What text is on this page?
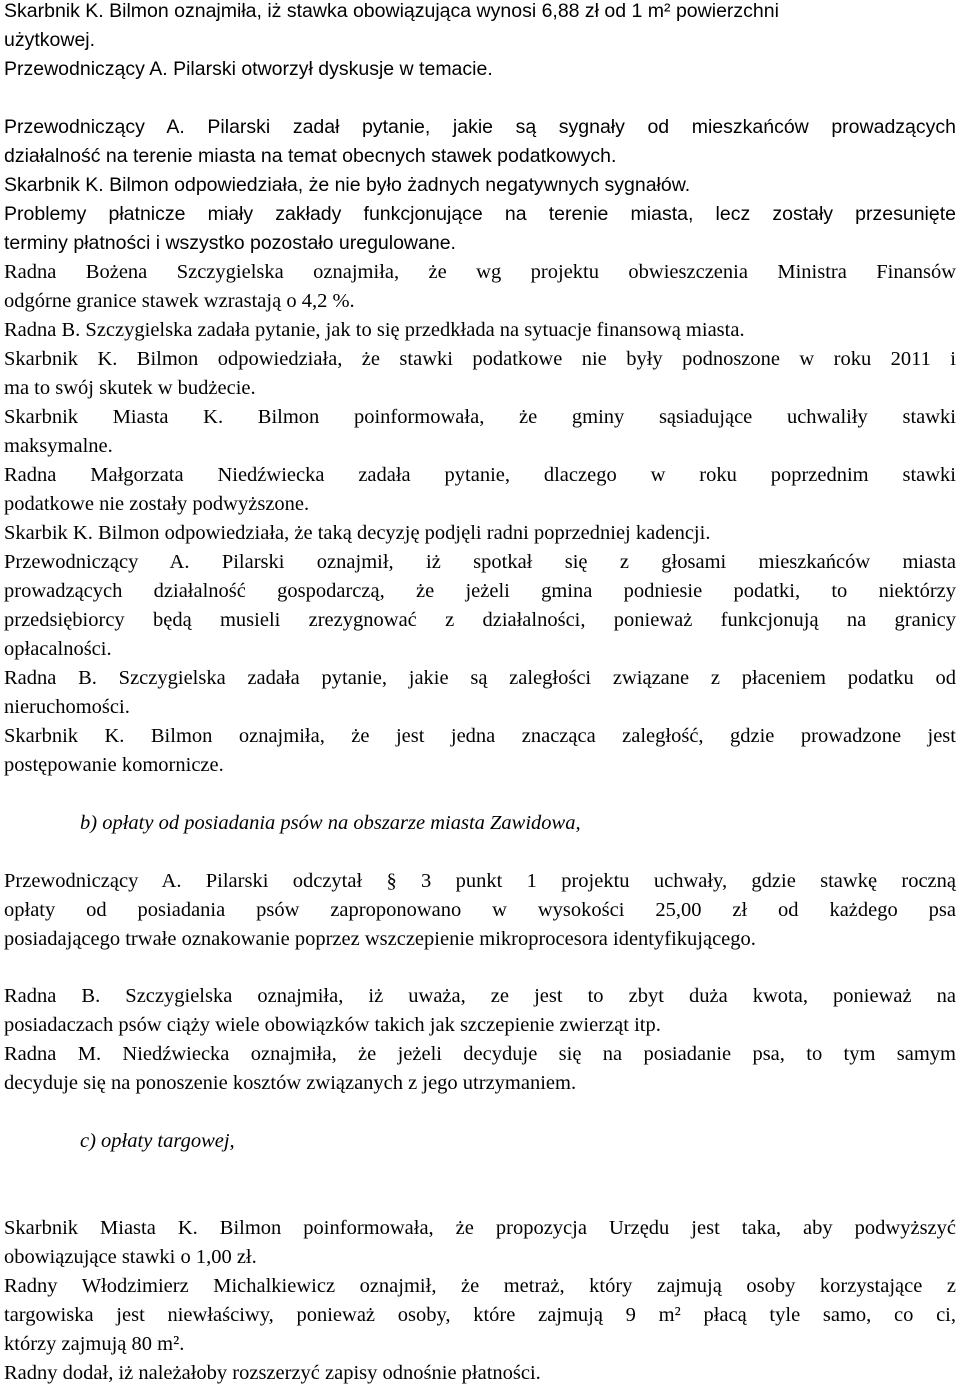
Skarbnik K. Bilmon oznajmiła, iż stawka obowiązująca wynosi 6,88 zł od 1 m² powierzchni
użytkowej.
Przewodniczący A. Pilarski otworzył dyskusje w temacie.
Przewodniczący A. Pilarski zadał pytanie, jakie są sygnały od mieszkańców prowadzących
działalność na terenie miasta na temat obecnych stawek podatkowych.
Skarbnik K. Bilmon odpowiedziała, że nie było żadnych negatywnych sygnałów.
Problemy płatnicze miały zakłady funkcjonujące na terenie miasta, lecz zostały przesunięte
terminy płatności i wszystko pozostało uregulowane.
Radna Bożena Szczygielska oznajmiła, że wg projektu obwieszczenia Ministra Finansów
odgórne granice stawek wzrastają o 4,2 %.
Radna B. Szczygielska zadała pytanie, jak to się przedkłada na sytuacje finansową miasta.
Skarbnik K. Bilmon odpowiedziała, że stawki podatkowe nie były podnoszone w roku 2011 i
ma to swój skutek w budżecie.
Skarbnik Miasta K. Bilmon poinformowała, że gminy sąsiadujące uchwaliły stawki
maksymalne.
Radna Małgorzata Niedźwiecka zadała pytanie, dlaczego w roku poprzednim stawki
podatkowe nie zostały podwyższone.
Skarbik K. Bilmon odpowiedziała, że taką decyzję podjęli radni poprzedniej kadencji.
Przewodniczący A. Pilarski oznajmił, iż spotkał się z głosami mieszkańców miasta
prowadzących działalność gospodarczą, że jeżeli gmina podniesie podatki, to niektórzy
przedsiębiorcy będą musieli zrezygnować z działalności, ponieważ funkcjonują na granicy
opłacalności.
Radna B. Szczygielska zadała pytanie, jakie są zaległości związane z płaceniem podatku od
nieruchomości.
Skarbnik K. Bilmon oznajmiła, że jest jedna znacząca zaległość, gdzie prowadzone jest
postępowanie komornicze.
b) opłaty od posiadania psów na obszarze miasta Zawidowa,
Przewodniczący A. Pilarski odczytał § 3 punkt 1 projektu uchwały, gdzie stawkę roczną
opłaty od posiadania psów zaproponowano w wysokości 25,00 zł od każdego psa
posiadającego trwałe oznakowanie poprzez wszczepienie mikroprocesora identyfikującego.
Radna B. Szczygielska oznajmiła, iż uważa, ze jest to zbyt duża kwota, ponieważ na
posiadaczach psów ciąży wiele obowiązków takich jak szczepienie zwierząt itp.
Radna M. Niedźwiecka oznajmiła, że jeżeli decyduje się na posiadanie psa, to tym samym
decyduje się na ponoszenie kosztów związanych z jego utrzymaniem.
c) opłaty targowej,
Skarbnik Miasta K. Bilmon poinformowała, że propozycja Urzędu jest taka, aby podwyższyć
obowiązujące stawki o 1,00 zł.
Radny Włodzimierz Michalkiewicz oznajmił, że metraż, który zajmują osoby korzystające z
targowiska jest niewłaściwy, ponieważ osoby, które zajmują 9 m² płacą tyle samo, co ci,
którzy zajmują 80 m².
Radny dodał, iż należałoby rozszerzyć zapisy odnośnie płatności.
